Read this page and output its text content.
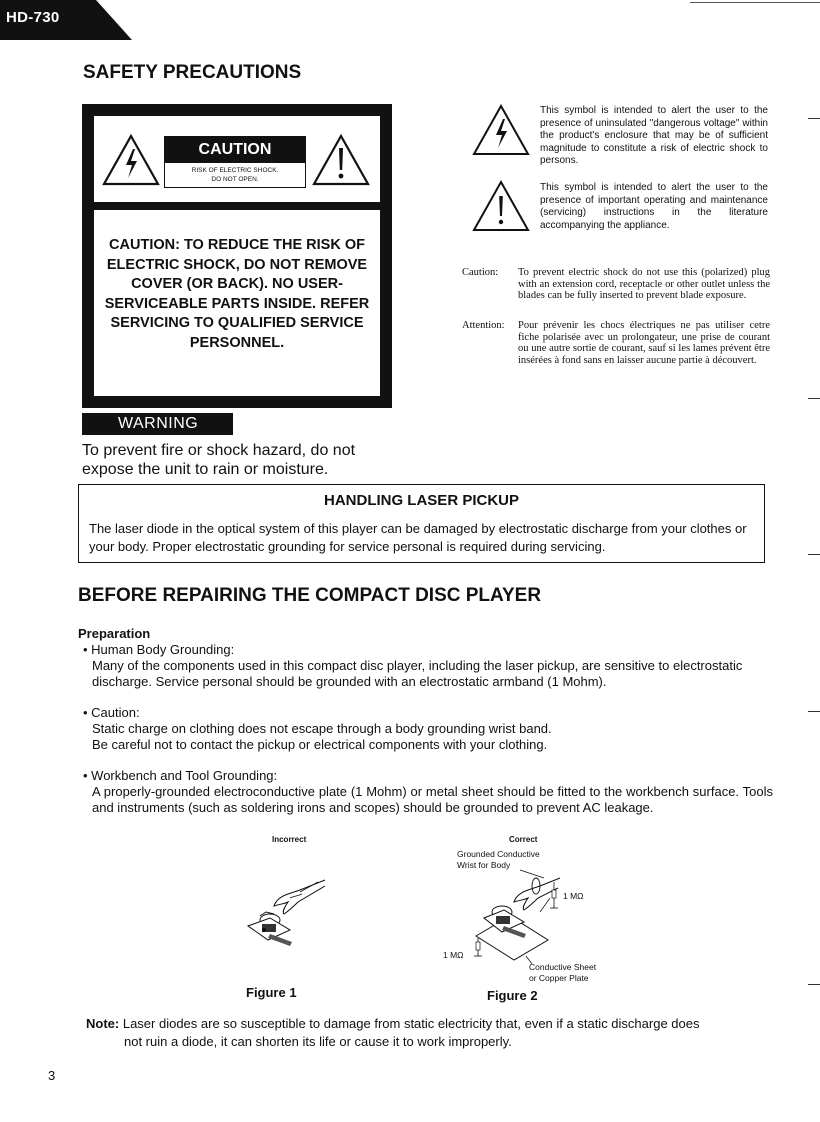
HD-730
SAFETY PRECAUTIONS
CAUTION
RISK OF ELECTRIC SHOCK.
DO NOT OPEN.
CAUTION: TO REDUCE THE RISK OF ELECTRIC SHOCK, DO NOT REMOVE COVER (OR BACK). NO USER-SERVICEABLE PARTS INSIDE. REFER SERVICING TO QUALIFIED SERVICE PERSONNEL.
WARNING
To prevent fire or shock hazard, do not expose the unit to rain or moisture.
This symbol is intended to alert the user to the presence of uninsulated "dangerous voltage" within the product's enclosure that may be of sufficient magnitude to constitute a risk of electric shock to persons.
This symbol is intended to alert the user to the presence of important operating and maintenance (servicing) instructions in the literature accompanying the appliance.
Caution: To prevent electric shock do not use this (polarized) plug with an extension cord, receptacle or other outlet unless the blades can be fully inserted to prevent blade exposure.
Attention: Pour prévenir les chocs électriques ne pas utiliser cetre fiche polarisée avec un prolongateur, une prise de courant ou une autre sortie de courant, sauf si les lames prévent être insérées à fond sans en laisser aucune partie à découvert.
HANDLING LASER PICKUP
The laser diode in the optical system of this player can be damaged by electrostatic discharge from your clothes or your body. Proper electrostatic grounding for service personal is required during servicing.
BEFORE REPAIRING THE COMPACT DISC PLAYER
Preparation
• Human Body Grounding:
Many of the components used in this compact disc player, including the laser pickup, are sensitive to electrostatic discharge. Service personal should be grounded with an electrostatic armband (1 Mohm).
• Caution:
Static charge on clothing does not escape through a body grounding wrist band.
Be careful not to contact the pickup or electrical components with your clothing.
• Workbench and Tool Grounding:
A properly-grounded electroconductive plate (1 Mohm) or metal sheet should be fitted to the workbench surface. Tools and instruments (such as soldering irons and scopes) should be grounded to prevent AC leakage.
Incorrect
Figure 1
Correct
Grounded Conductive
Wrist for Body
1 MΩ
1 MΩ
Conductive Sheet
or Copper Plate
Figure 2
Note: Laser diodes are so susceptible to damage from static electricity that, even if a static discharge does
not ruin a diode, it can shorten its life or cause it to work improperly.
3
